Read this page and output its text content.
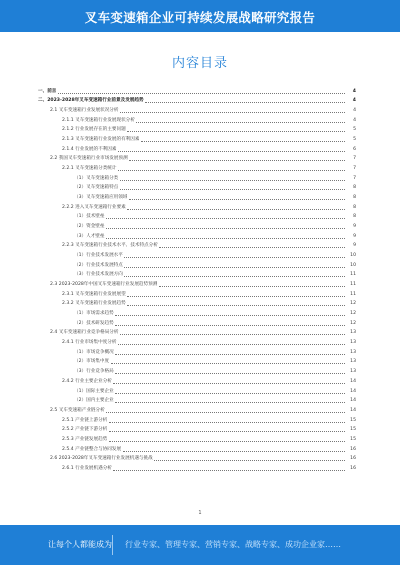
叉车变速箱企业可持续发展战略研究报告
内容目录
一、前言	4
二、2023-2028年叉车变速箱行业前景及发展趋势	4
2.1 叉车变速箱行业发展状况分析	4
2.1.1 叉车变速箱行业发展现状分析	4
2.1.2 行业发展存在的主要问题	5
2.1.3 叉车变速箱行业发展的有利因素	5
2.1.4 行业发展的不利因素	6
2.2 我国叉车变速箱行业市场发展预测	7
2.2.1 叉车变速箱分类统计	7
（1）叉车变速箱分类	7
（2）叉车变速箱特点	8
（3）叉车变速箱应用领域	8
2.2.2 进入叉车变速箱行业要素	8
（1）技术壁垒	8
（2）资金壁垒	9
（3）人才壁垒	9
2.2.3 叉车变速箱行业技术水平、技术特点分析	9
（1）行业技术发展水平	10
（2）行业技术发展特点	10
（3）行业技术发展方向	11
2.3 2023-2028年中国叉车变速箱行业发展趋势预测	11
2.3.1 叉车变速箱行业发展展望	11
2.3.2 叉车变速箱行业发展趋势	12
（1）市场需求趋势	12
（2）技术研发趋势	12
2.4 叉车变速箱行业竞争格局分析	13
2.4.1 行业市场集中度分析	13
（1）市场竞争概况	13
（2）市场集中度	13
（3）行业竞争格局	13
2.4.2 行业主要企业分析	14
（1）国际主要企业	14
（2）国内主要企业	14
2.5 叉车变速箱产业链分析	14
2.5.1 产业链上游分析	15
2.5.2 产业链下游分析	15
2.5.3 产业链发展趋势	15
2.5.4 产业链整合与协同发展	16
2.6 2023-2028年叉车变速箱行业发展机遇与挑战	16
2.6.1 行业发展机遇分析	16
1
让每个人都能成为 行业专家、管理专家、营销专家、战略专家、成功企业家……
